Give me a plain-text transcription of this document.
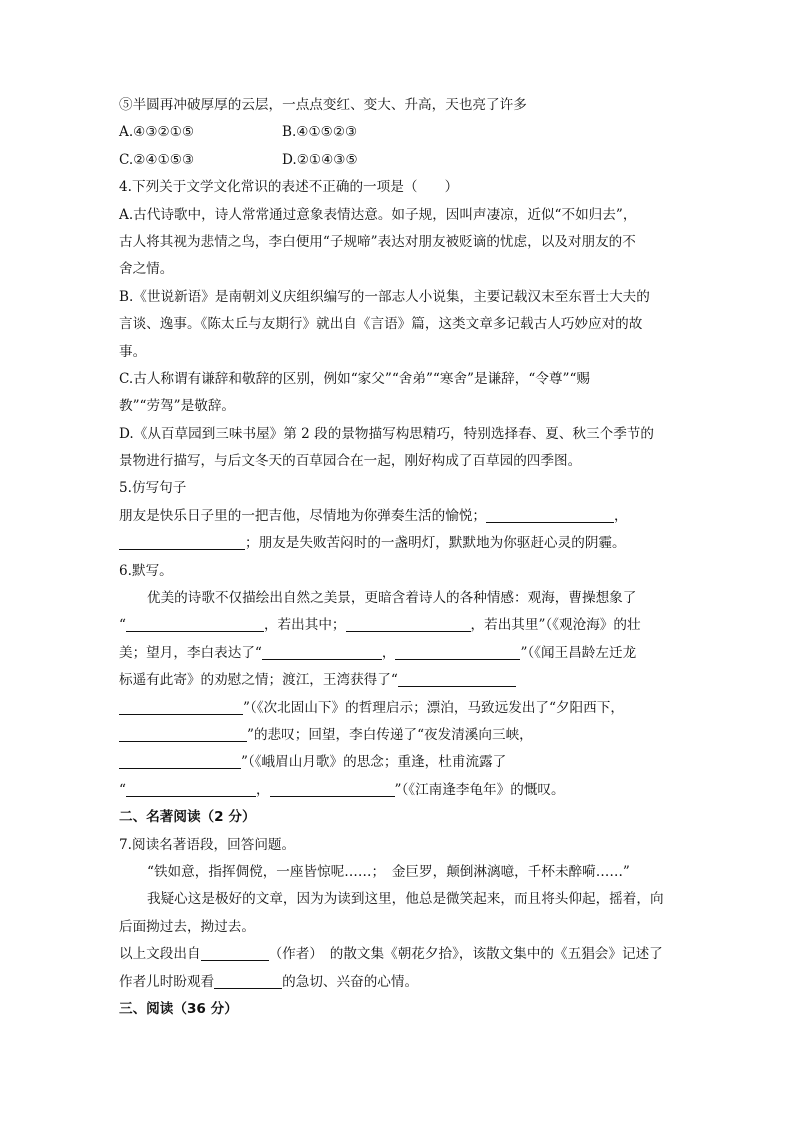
⑤半圆再冲破厚厚的云层，一点点变红、变大、升高，天也亮了许多
A.④③②①⑤	B.④①⑤②③
C.②④①⑤③	D.②①④③⑤
4.下列关于文学文化常识的表述不正确的一项是（　　）
A.古代诗歌中，诗人常常通过意象表情达意。如子规，因叫声凄凉，近似“不如归去”，
古人将其视为悲情之鸟，李白便用“子规啼”表达对朋友被贬谪的忧虑，以及对朋友的不
舍之情。
B.《世说新语》是南朝刘义庆组织编写的一部志人小说集，主要记载汉末至东晋士大夫的
言谈、逸事。《陈太丘与友期行》就出自《言语》篇，这类文章多记载古人巧妙应对的故
事。
C.古人称谓有谦辞和敬辞的区别，例如“家父”“舍弟”“寒舍”是谦辞，“令尊”“赐
教”“劳驾”是敬辞。
D.《从百草园到三味书屋》第 2 段的景物描写构思精巧，特别选择春、夏、秋三个季节的
景物进行描写，与后文冬天的百草园合在一起，刚好构成了百草园的四季图。
5.仿写句子
朋友是快乐日子里的一把吉他，尽情地为你弹奏生活的愉悦；	，
；朋友是失败苦闷时的一盏明灯，默默地为你驱赶心灵的阴霾。
6.默写。
优美的诗歌不仅描绘出自然之美景，更暗含着诗人的各种情感：观海，曹操想象了
“	，若出其中；	，若出其里”（《观沧海》的壮
美；望月，李白表达了“	，	”（《闻王昌龄左迁龙
标遥有此寄》的劝慰之情；渡江，王湾获得了“
”（《次北固山下》的哲理启示；漂泊，马致远发出了“夕阳西下，
”的悲叹；回望，李白传递了“夜发清溪向三峡，
”（《峨眉山月歌》的思念；重逢，杜甫流露了
“	，	”（《江南逢李龟年》的慨叹。
二、名著阅读（2 分）
7.阅读名著语段，回答问题。
“铁如意，指挥倜傥，一座皆惊呢……；　金巨罗，颠倒淋漓噫，千杯未醉嗬……”
我疑心这是极好的文章，因为为读到这里，他总是微笑起来，而且将头仰起，摇着，向
后面拗过去，拗过去。
以上文段出自	（作者）　的散文集《朝花夕拾》，该散文集中的《五猖会》记述了
作者儿时盼观看	的急切、兴奋的心情。
三、阅读（36 分）
